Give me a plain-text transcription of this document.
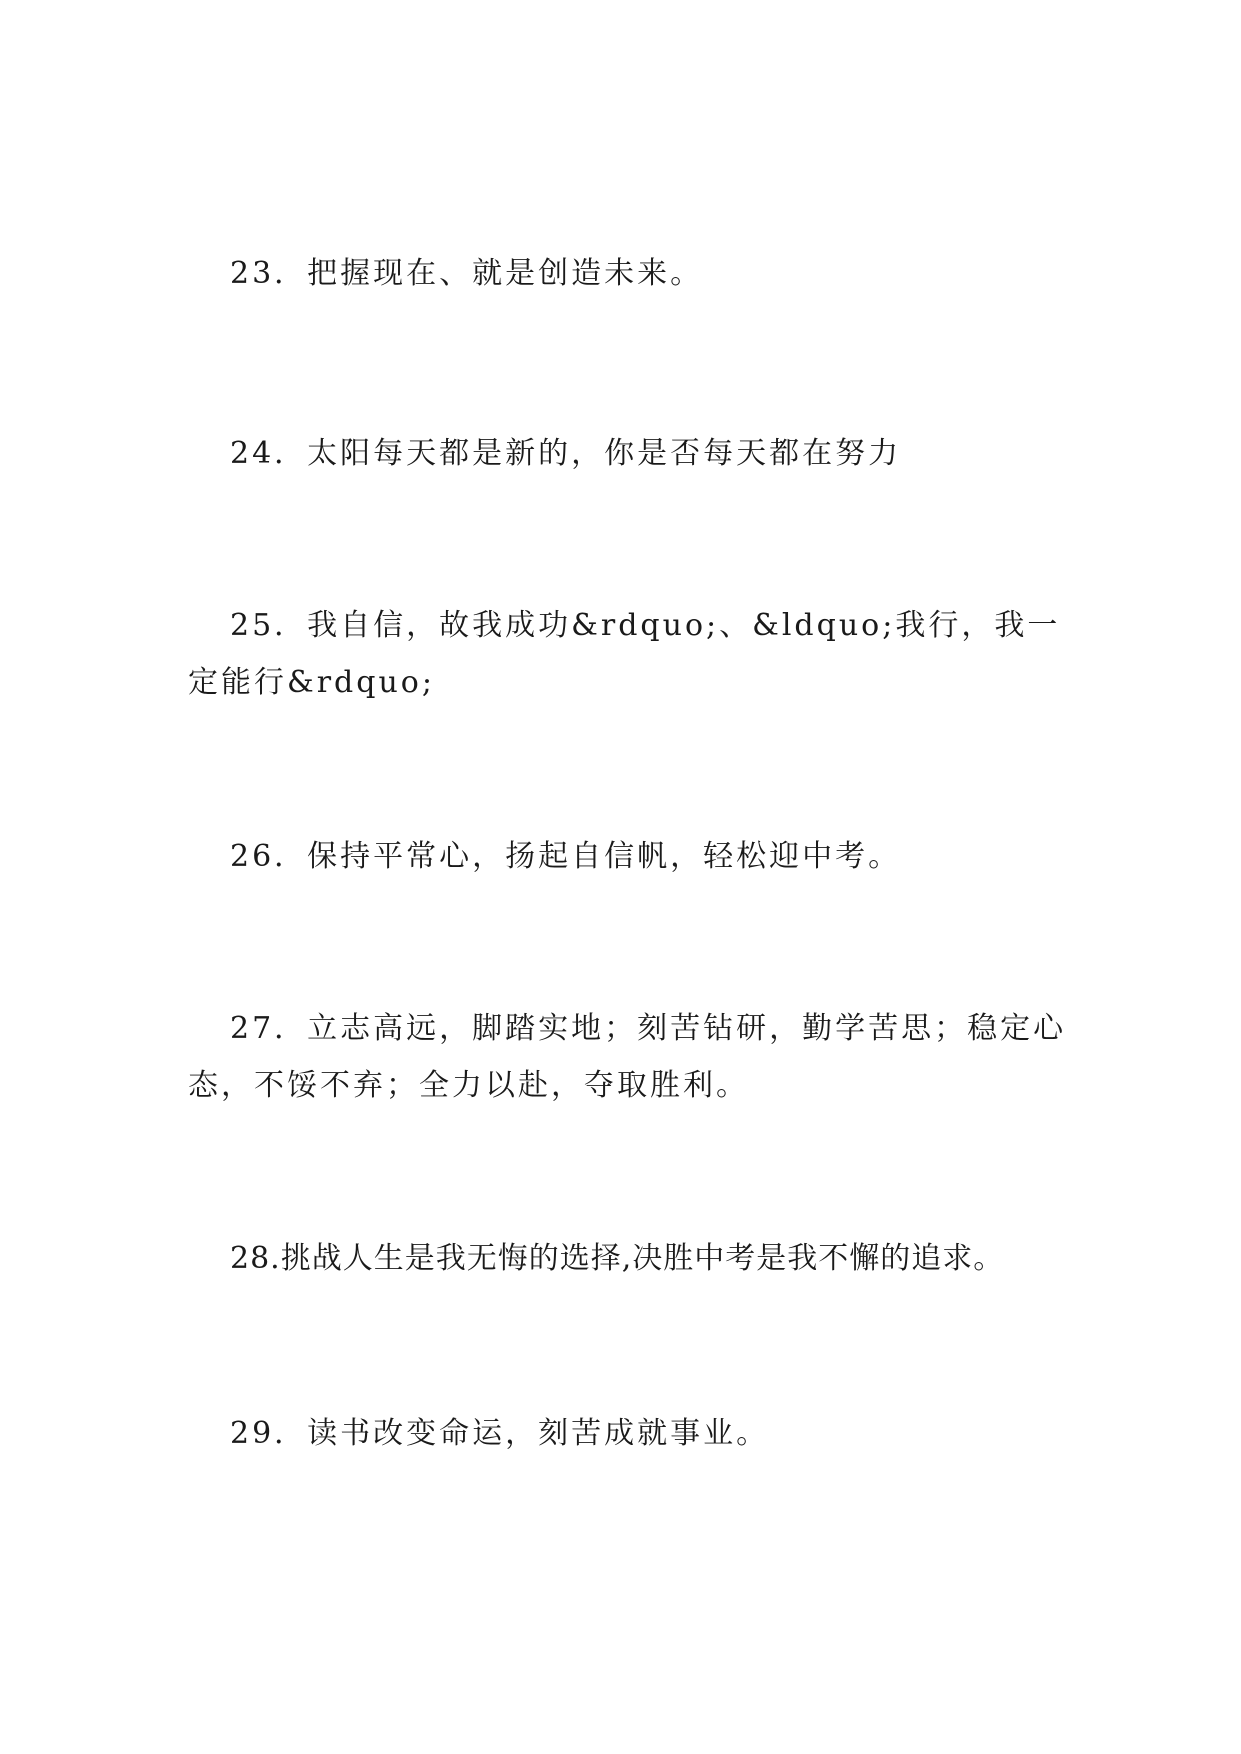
23．把握现在、就是创造未来。

24．太阳每天都是新的，你是否每天都在努力

25．我自信，故我成功&rdquo;、&ldquo;我行，我一定能行&rdquo;

26．保持平常心，扬起自信帆，轻松迎中考。

27．立志高远，脚踏实地；刻苦钻研，勤学苦思；稳定心态，不馁不弃；全力以赴，夺取胜利。

28.挑战人生是我无悔的选择,决胜中考是我不懈的追求。

29．读书改变命运，刻苦成就事业。
